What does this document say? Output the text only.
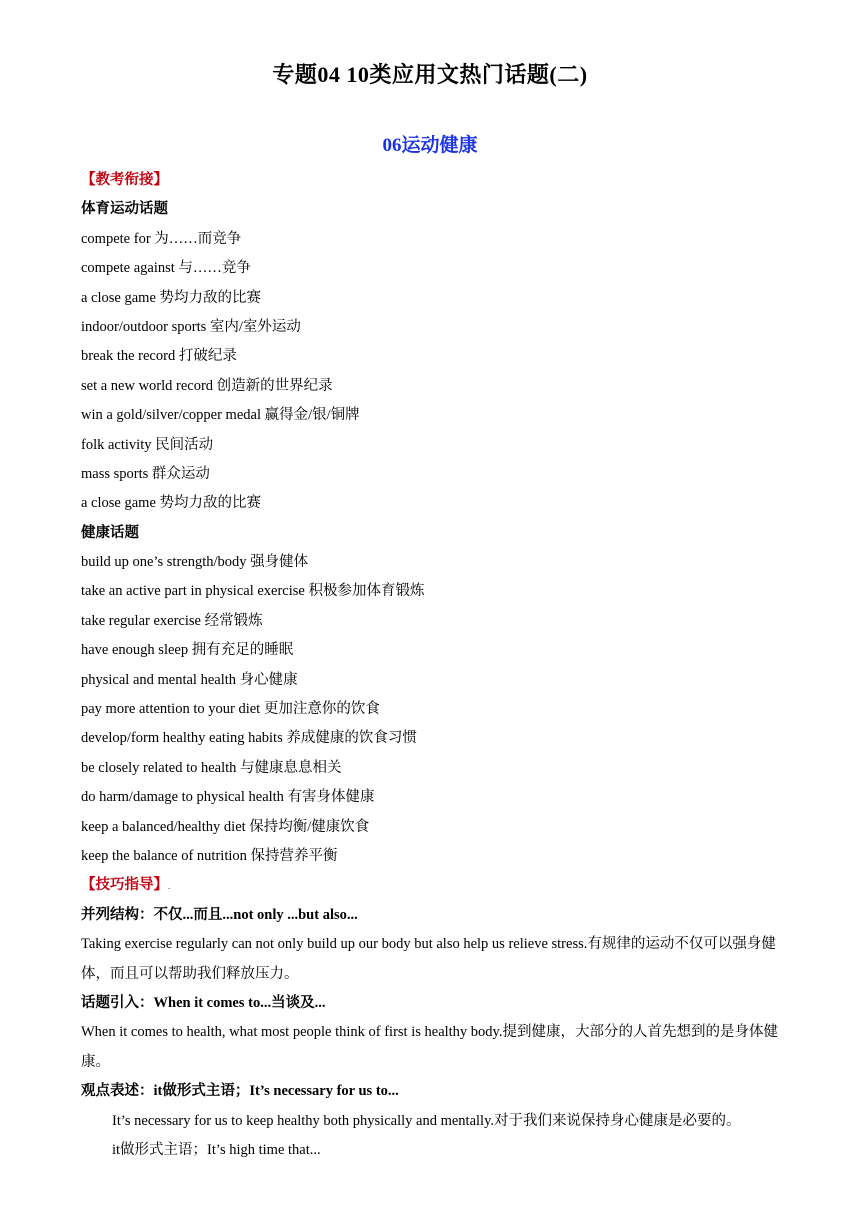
专题04 10类应用文热门话题(二)
06运动健康
【教考衔接】
体育运动话题
compete for 为……而竞争
compete against 与……竞争
a close game 势均力敌的比赛
indoor/outdoor sports 室内/室外运动
break the record 打破纪录
set a new world record 创造新的世界纪录
win a gold/silver/copper medal 赢得金/银/铜牌
folk activity 民间活动
mass sports 群众运动
a close game 势均力敌的比赛
健康话题
build up one’s strength/body 强身健体
take an active part in physical exercise 积极参加体育锻炼
take regular exercise 经常锻炼
have enough sleep 拥有充足的睡眠
physical and mental health 身心健康
pay more attention to your diet 更加注意你的饮食
develop/form healthy eating habits 养成健康的饮食习惯
be closely related to health 与健康息息相关
do harm/damage to physical health 有害身体健康
keep a balanced/healthy diet 保持均衡/健康饮食
keep the balance of nutrition 保持营养平衡
【技巧指导】.
并列结构：不仅...而且...not only ...but also...
Taking exercise regularly can not only build up our body but also help us relieve stress.有规律的运动不仅可以强身健体，而且可以帮助我们释放压力。
话题引入：When it comes to...当谈及...
When it comes to health, what most people think of first is healthy body.提到健康，大部分的人首先想到的是身体健康。
观点表述：it做形式主语；It’s necessary for us to...
It’s necessary for us to keep healthy both physically and mentally.对于我们来说保持身心健康是必要的。
it做形式主语；It’s high time that...
